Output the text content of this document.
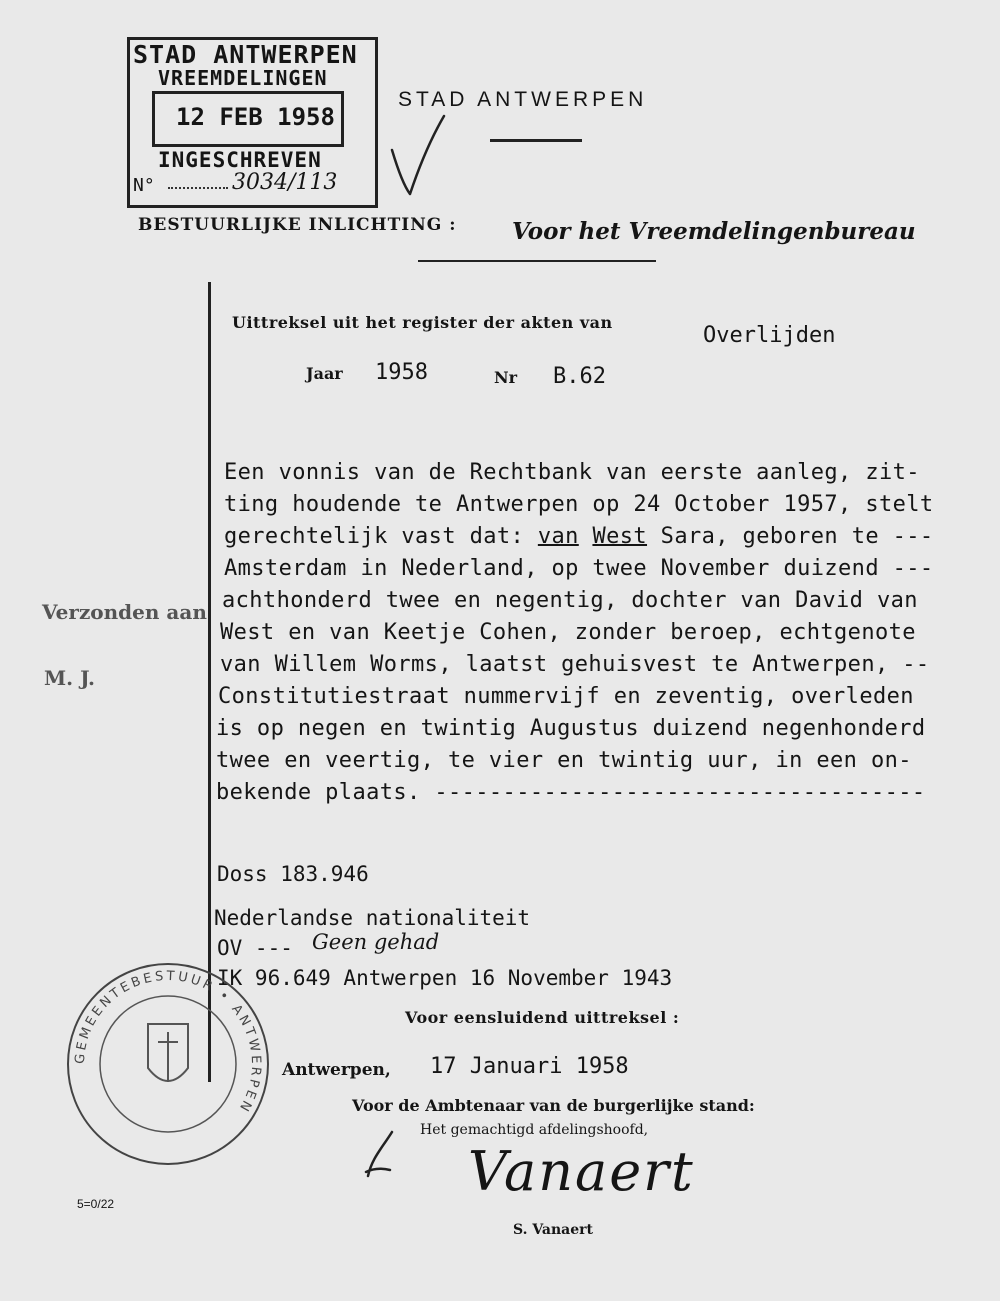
STAD ANTWERPEN
VREEMDELINGEN
12 FEB 1958
INGESCHREVEN
N°	3034/113
STAD ANTWERPEN
BESTUURLIJKE INLICHTING : Voor het Vreemdelingenbureau
Verzonden aan
M. J.
Uittreksel uit het register der akten van
Overlijden
Jaar 1958	Nr B.62
Een vonnis van de Rechtbank van eerste aanleg, zit-
ting houdende te Antwerpen op 24 October 1957, stelt
gerechtelijk vast dat: van West Sara, geboren te ---
Amsterdam in Nederland, op twee November duizend ---
achthonderd twee en negentig, dochter van David van
West en van Keetje Cohen, zonder beroep, echtgenote
van Willem Worms, laatst gehuisvest te Antwerpen, --
Constitutiestraat nummervijf en zeventig, overleden
is op negen en twintig Augustus duizend negenhonderd
twee en veertig, te vier en twintig uur, in een on-
bekende plaats. ------------------------------------
Doss 183.946
Nederlandse nationaliteit
OV --- Geen gehad
IK 96.649 Antwerpen 16 November 1943
GEMEENTEBESTUUR • ANTWERPEN
Voor eensluidend uittreksel :
Antwerpen, 17 Januari 1958
Voor de Ambtenaar van de burgerlijke stand:
Het gemachtigd afdelingshoofd,
Vanaert
S. Vanaert
5=0/22
